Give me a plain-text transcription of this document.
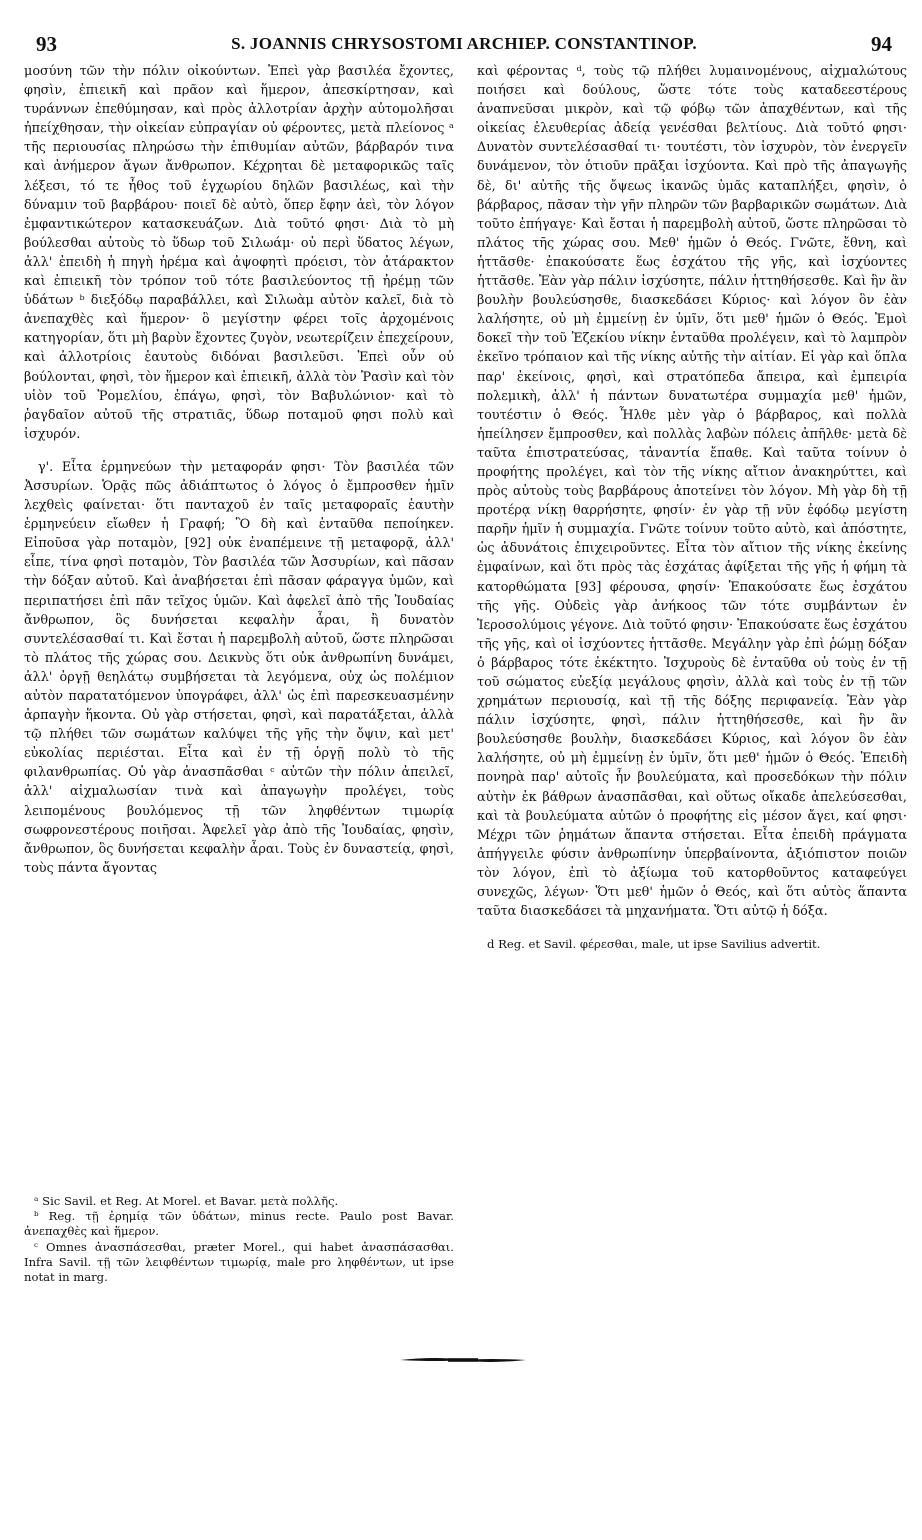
93	S. JOANNIS CHRYSOSTOMI ARCHIEP. CONSTANTINOP.	94

μοσύνη τῶν τὴν πόλιν οἰκούντων. Ἐπεὶ γὰρ βασιλέα ἔχοντες, φησὶν, ἐπιεικῆ καὶ πρᾶον καὶ ἥμερον, ἀπεσκίρτησαν, καὶ τυράννων ἐπεθύμησαν, καὶ πρὸς ἀλλοτρίαν ἀρχὴν αὐτομολῆσαι ἠπείχθησαν, τὴν οἰκείαν εὐπραγίαν οὐ φέροντες, μετὰ πλείονος ᵃ τῆς περιουσίας πληρώσω τὴν ἐπιθυμίαν αὐτῶν, βάρβαρόν τινα καὶ ἀνήμερον ἄγων ἄνθρωπον. Κέχρηται δὲ μεταφορικῶς ταῖς λέξεσι, τό τε ἦθος τοῦ ἐγχωρίου δηλῶν βασιλέως, καὶ τὴν δύναμιν τοῦ βαρβάρου· ποιεῖ δὲ αὐτὸ, ὅπερ ἔφην ἀεὶ, τὸν λόγον ἐμφαντικώτερον κατασκευάζων. Διὰ τοῦτό φησι· Διὰ τὸ μὴ βούλεσθαι αὐτοὺς τὸ ὕδωρ τοῦ Σιλωάμ· οὐ περὶ ὕδατος λέγων, ἀλλ' ἐπειδὴ ἡ πηγὴ ἠρέμα καὶ ἀψοφητὶ πρόεισι, τὸν ἀτάρακτον καὶ ἐπιεικῆ τὸν τρόπον τοῦ τότε βασιλεύοντος τῇ ἠρέμῃ τῶν ὑδάτων ᵇ διεξόδῳ παραβάλλει, καὶ Σιλωὰμ αὐτὸν καλεῖ, διὰ τὸ ἀνεπαχθὲς καὶ ἥμερον· ὃ μεγίστην φέρει τοῖς ἀρχομένοις κατηγορίαν, ὅτι μὴ βαρὺν ἔχοντες ζυγὸν, νεωτερίζειν ἐπεχείρουν, καὶ ἀλλοτρίοις ἑαυτοὺς διδόναι βασιλεῦσι. Ἐπεὶ οὖν οὐ βούλονται, φησὶ, τὸν ἥμερον καὶ ἐπιεικῆ, ἀλλὰ τὸν Ῥασὶν καὶ τὸν υἱὸν τοῦ Ῥομελίου, ἐπάγω, φησὶ, τὸν Βαβυλώνιον· καὶ τὸ ῥαγδαῖον αὐτοῦ τῆς στρατιᾶς, ὕδωρ ποταμοῦ φησι πολὺ καὶ ἰσχυρόν.

γ'. Εἶτα ἑρμηνεύων τὴν μεταφοράν φησι· Τὸν βασιλέα τῶν Ἀσσυρίων. Ὁρᾷς πῶς ἀδιάπτωτος ὁ λόγος ὁ ἔμπροσθεν ἡμῖν λεχθεὶς φαίνεται· ὅτι πανταχοῦ ἐν ταῖς μεταφοραῖς ἑαυτὴν ἑρμηνεύειν εἴωθεν ἡ Γραφή; Ὃ δὴ καὶ ἐνταῦθα πεποίηκεν. Εἰποῦσα γὰρ ποταμὸν, [92] οὐκ ἐναπέμεινε τῇ μεταφορᾷ, ἀλλ' εἶπε, τίνα φησὶ ποταμὸν, Τὸν βασιλέα τῶν Ἀσσυρίων, καὶ πᾶσαν τὴν δόξαν αὐτοῦ. Καὶ ἀναβήσεται ἐπὶ πᾶσαν φάραγγα ὑμῶν, καὶ περιπατήσει ἐπὶ πᾶν τεῖχος ὑμῶν. Καὶ ἀφελεῖ ἀπὸ τῆς Ἰουδαίας ἄνθρωπον, ὃς δυνήσεται κεφαλὴν ἆραι, ἢ δυνατὸν συντελέσασθαί τι. Καὶ ἔσται ἡ παρεμβολὴ αὐτοῦ, ὥστε πληρῶσαι τὸ πλάτος τῆς χώρας σου. Δεικνὺς ὅτι οὐκ ἀνθρωπίνη δυνάμει, ἀλλ' ὀργῇ θεηλάτῳ συμβήσεται τὰ λεγόμενα, οὐχ ὡς πολέμιον αὐτὸν παρατατόμενον ὑπογράφει, ἀλλ' ὡς ἐπὶ παρεσκευασμένην ἁρπαγὴν ἥκοντα. Οὐ γὰρ στήσεται, φησὶ, καὶ παρατάξεται, ἀλλὰ τῷ πλήθει τῶν σωμάτων καλύψει τῆς γῆς τὴν ὄψιν, καὶ μετ' εὐκολίας περιέσται. Εἶτα καὶ ἐν τῇ ὀργῇ πολὺ τὸ τῆς φιλανθρωπίας. Οὐ γὰρ ἀνασπᾶσθαι ᶜ αὐτῶν τὴν πόλιν ἀπειλεῖ, ἀλλ' αἰχμαλωσίαν τινὰ καὶ ἀπαγωγὴν προλέγει, τοὺς λειπομένους βουλόμενος τῇ τῶν ληφθέντων τιμωρίᾳ σωφρονεστέρους ποιῆσαι. Ἀφελεῖ γὰρ ἀπὸ τῆς Ἰουδαίας, φησὶν, ἄνθρωπον, ὃς δυνήσεται κεφαλὴν ἆραι. Τοὺς ἐν δυναστείᾳ, φησὶ, τοὺς πάντα ἄγοντας

ᵃ Sic Savil. et Reg. At Morel. et Bavar. μετὰ πολλῆς.

ᵇ Reg. τῇ ἐρημίᾳ τῶν ὑδάτων, minus recte. Paulo post Bavar. ἀνεπαχθὲς καὶ ἥμερον.

ᶜ Omnes ἀνασπάσεσθαι, præter Morel., qui habet ἀνασπάσασθαι. Infra Savil. τῇ τῶν λειφθέντων τιμωρίᾳ, male pro ληφθέντων, ut ipse notat in marg.

καὶ φέροντας ᵈ, τοὺς τῷ πλήθει λυμαινομένους, αἰχμαλώτους ποιήσει καὶ δούλους, ὥστε τότε τοὺς καταδεεστέρους ἀναπνεῦσαι μικρὸν, καὶ τῷ φόβῳ τῶν ἀπαχθέντων, καὶ τῆς οἰκείας ἐλευθερίας ἀδείᾳ γενέσθαι βελτίους. Διὰ τοῦτό φησι· Δυνατὸν συντελέσασθαί τι· τουτέστι, τὸν ἰσχυρὸν, τὸν ἐνεργεῖν δυνάμενον, τὸν ὁτιοῦν πρᾶξαι ἰσχύοντα. Καὶ πρὸ τῆς ἀπαγωγῆς δὲ, δι' αὐτῆς τῆς ὄψεως ἱκανῶς ὑμᾶς καταπλήξει, φησὶν, ὁ βάρβαρος, πᾶσαν τὴν γῆν πληρῶν τῶν βαρβαρικῶν σωμάτων. Διὰ τοῦτο ἐπήγαγε· Καὶ ἔσται ἡ παρεμβολὴ αὐτοῦ, ὥστε πληρῶσαι τὸ πλάτος τῆς χώρας σου. Μεθ' ἡμῶν ὁ Θεός. Γνῶτε, ἔθνη, καὶ ἡττᾶσθε· ἐπακούσατε ἕως ἐσχάτου τῆς γῆς, καὶ ἰσχύοντες ἡττᾶσθε. Ἐὰν γὰρ πάλιν ἰσχύσητε, πάλιν ἡττηθήσεσθε. Καὶ ἣν ἂν βουλὴν βουλεύσησθε, διασκεδάσει Κύριος· καὶ λόγον ὃν ἐὰν λαλήσητε, οὐ μὴ ἐμμείνῃ ἐν ὑμῖν, ὅτι μεθ' ἡμῶν ὁ Θεός. Ἐμοὶ δοκεῖ τὴν τοῦ Ἐζεκίου νίκην ἐνταῦθα προλέγειν, καὶ τὸ λαμπρὸν ἐκεῖνο τρόπαιον καὶ τῆς νίκης αὐτῆς τὴν αἰτίαν. Εἰ γὰρ καὶ ὅπλα παρ' ἐκείνοις, φησὶ, καὶ στρατόπεδα ἄπειρα, καὶ ἐμπειρία πολεμικὴ, ἀλλ' ἡ πάντων δυνατωτέρα συμμαχία μεθ' ἡμῶν, τουτέστιν ὁ Θεός. Ἦλθε μὲν γὰρ ὁ βάρβαρος, καὶ πολλὰ ἠπείλησεν ἔμπροσθεν, καὶ πολλὰς λαβὼν πόλεις ἀπῆλθε· μετὰ δὲ ταῦτα ἐπιστρατεύσας, τἀναντία ἔπαθε. Καὶ ταῦτα τοίνυν ὁ προφήτης προλέγει, καὶ τὸν τῆς νίκης αἴτιον ἀνακηρύττει, καὶ πρὸς αὐτοὺς τοὺς βαρβάρους ἀποτείνει τὸν λόγον. Μὴ γὰρ δὴ τῇ προτέρᾳ νίκῃ θαρρήσητε, φησίν· ἐν γὰρ τῇ νῦν ἐφόδῳ μεγίστη παρῆν ἡμῖν ἡ συμμαχία. Γνῶτε τοίνυν τοῦτο αὐτὸ, καὶ ἀπόστητε, ὡς ἀδυνάτοις ἐπιχειροῦντες. Εἶτα τὸν αἴτιον τῆς νίκης ἐκείνης ἐμφαίνων, καὶ ὅτι πρὸς τὰς ἐσχάτας ἀφίξεται τῆς γῆς ἡ φήμη τὰ κατορθώματα [93] φέρουσα, φησίν· Ἐπακούσατε ἕως ἐσχάτου τῆς γῆς. Οὐδεὶς γὰρ ἀνήκοος τῶν τότε συμβάντων ἐν Ἱεροσολύμοις γέγονε. Διὰ τοῦτό φησιν· Ἐπακούσατε ἕως ἐσχάτου τῆς γῆς, καὶ οἱ ἰσχύοντες ἡττᾶσθε. Μεγάλην γὰρ ἐπὶ ῥώμῃ δόξαν ὁ βάρβαρος τότε ἐκέκτητο. Ἰσχυροὺς δὲ ἐνταῦθα οὐ τοὺς ἐν τῇ τοῦ σώματος εὐεξίᾳ μεγάλους φησὶν, ἀλλὰ καὶ τοὺς ἐν τῇ τῶν χρημάτων περιουσίᾳ, καὶ τῇ τῆς δόξης περιφανείᾳ. Ἐὰν γὰρ πάλιν ἰσχύσητε, φησὶ, πάλιν ἡττηθήσεσθε, καὶ ἣν ἂν βουλεύσησθε βουλὴν, διασκεδάσει Κύριος, καὶ λόγον ὃν ἐὰν λαλήσητε, οὐ μὴ ἐμμείνῃ ἐν ὑμῖν, ὅτι μεθ' ἡμῶν ὁ Θεός. Ἐπειδὴ πονηρὰ παρ' αὐτοῖς ἦν βουλεύματα, καὶ προσεδόκων τὴν πόλιν αὐτὴν ἐκ βάθρων ἀνασπᾶσθαι, καὶ οὕτως οἴκαδε ἀπελεύσεσθαι, καὶ τὰ βουλεύματα αὐτῶν ὁ προφήτης εἰς μέσον ἄγει, καί φησι· Μέχρι τῶν ῥημάτων ἅπαντα στήσεται. Εἶτα ἐπειδὴ πράγματα ἀπήγγειλε φύσιν ἀνθρωπίνην ὑπερβαίνοντα, ἀξιόπιστον ποιῶν τὸν λόγον, ἐπὶ τὸ ἀξίωμα τοῦ κατορθοῦντος καταφεύγει συνεχῶς, λέγων· Ὅτι μεθ' ἡμῶν ὁ Θεός, καὶ ὅτι αὐτὸς ἅπαντα ταῦτα διασκεδάσει τὰ μηχανήματα. Ὅτι αὐτῷ ἡ δόξα.

d Reg. et Savil. φέρεσθαι, male, ut ipse Savilius advertit.
